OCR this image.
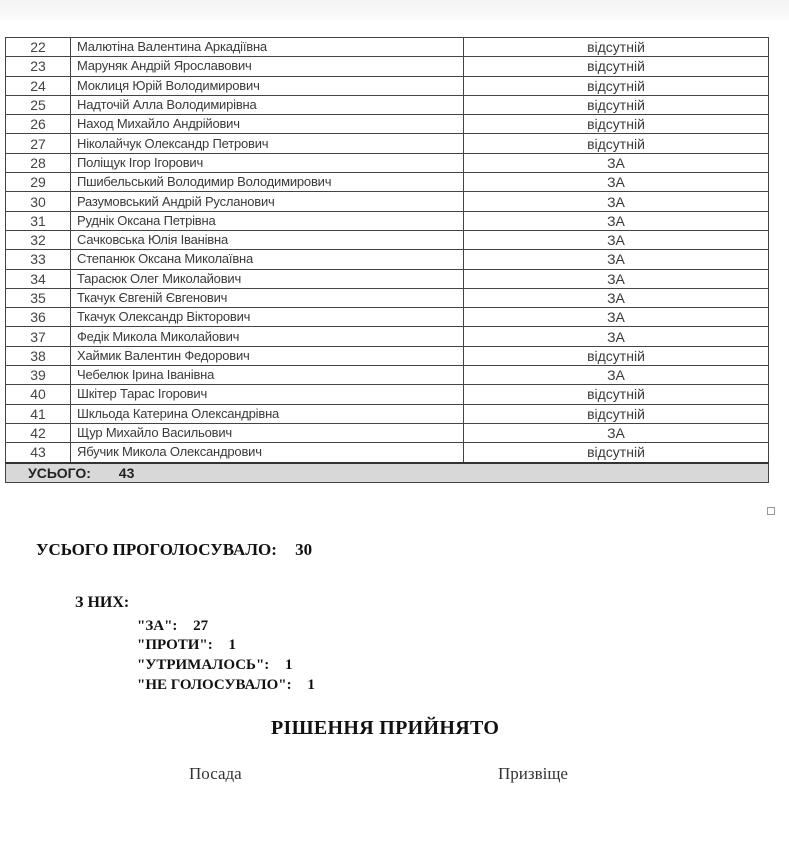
22	Малютіна Валентина Аркадіївна	відсутній
23	Маруняк Андрій Ярославович	відсутній
24	Моклиця Юрій Володимирович	відсутній
25	Надточій Алла Володимирівна	відсутній
26	Наход Михайло Андрійович	відсутній
27	Ніколайчук Олександр Петрович	відсутній
28	Поліщук Ігор Ігорович	ЗА
29	Пшибельський Володимир Володимирович	ЗА
30	Разумовський Андрій Русланович	ЗА
31	Руднік Оксана Петрівна	ЗА
32	Сачковська Юлія Іванівна	ЗА
33	Степанюк Оксана Миколаївна	ЗА
34	Тарасюк Олег Миколайович	ЗА
35	Ткачук Євгеній Євгенович	ЗА
36	Ткачук Олександр Вікторович	ЗА
37	Федік Микола Миколайович	ЗА
38	Хаймик Валентин Федорович	відсутній
39	Чебелюк Ірина Іванівна	ЗА
40	Шкітер Тарас Ігорович	відсутній
41	Шкльода Катерина Олександрівна	відсутній
42	Щур Михайло Васильович	ЗА
43	Ябучик Микола Олександрович	відсутній
УСЬОГО: 43		
УСЬОГО ПРОГОЛОСУВАЛО: 30
З НИХ:
"ЗА": 27
"ПРОТИ": 1
"УТРИМАЛОСЬ": 1
"НЕ ГОЛОСУВАЛО": 1
РІШЕННЯ ПРИЙНЯТО
Посада	Призвіще
